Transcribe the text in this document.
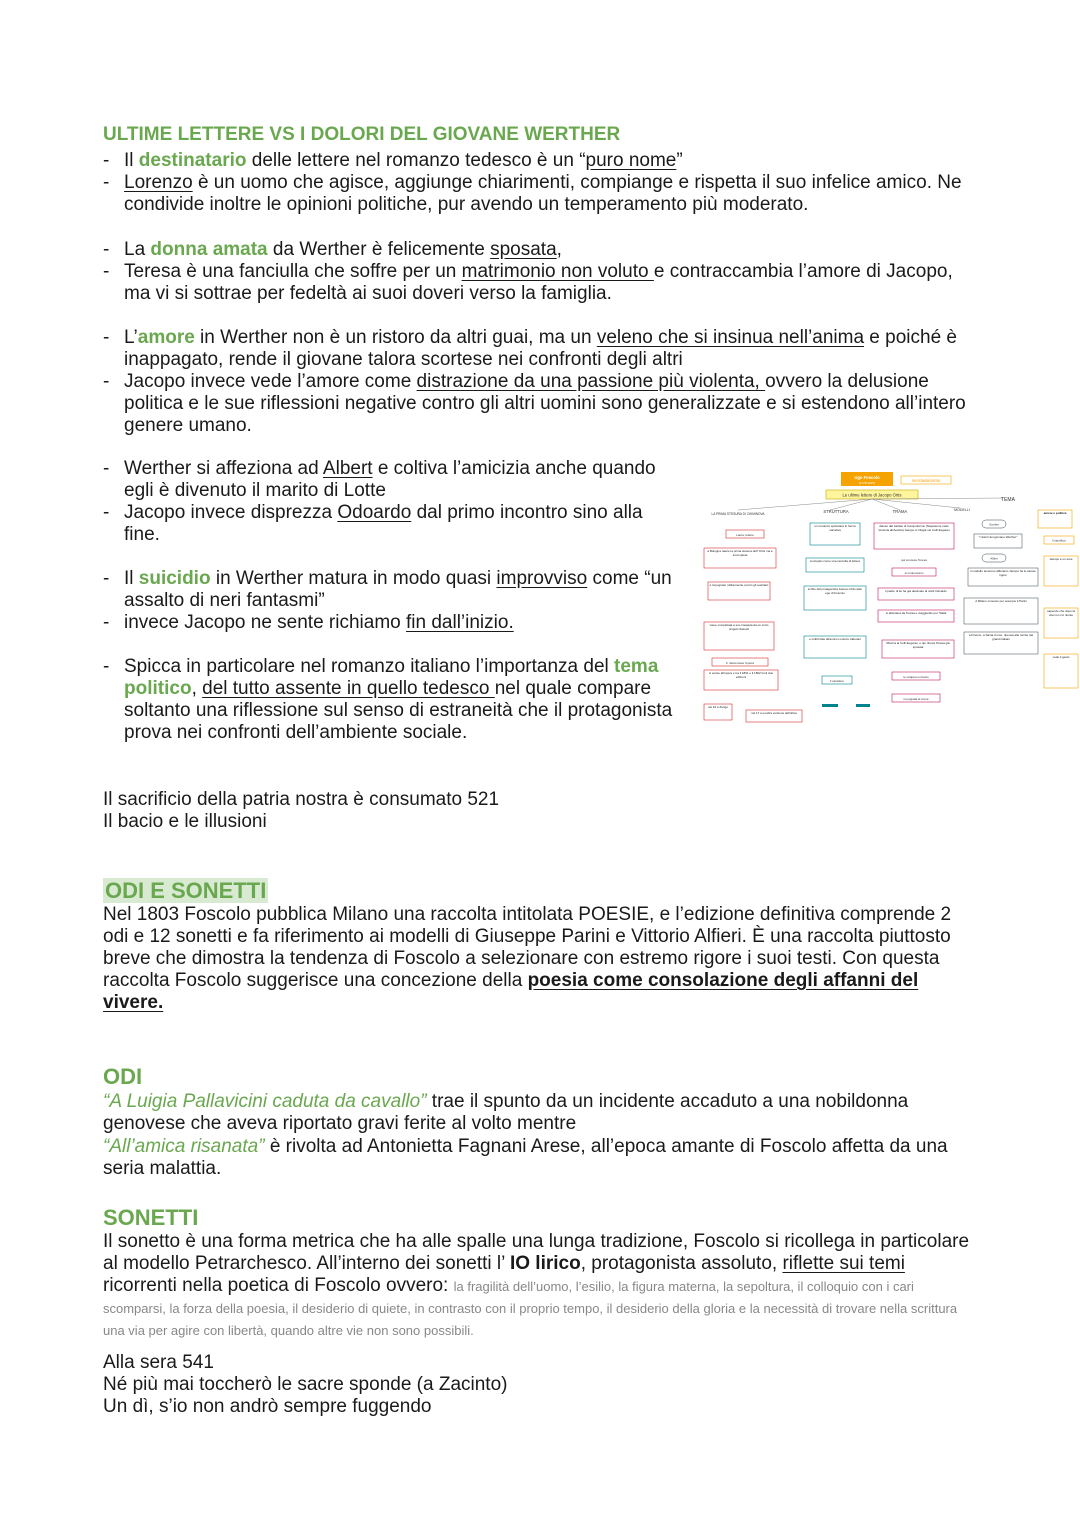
ULTIME LETTERE VS I DOLORI DEL GIOVANE WERTHER
- Il destinatario delle lettere nel romanzo tedesco è un “puro nome”
- Lorenzo è un uomo che agisce, aggiunge chiarimenti, compiange e rispetta il suo infelice amico. Ne condivide inoltre le opinioni politiche, pur avendo un temperamento più moderato.
- La donna amata da Werther è felicemente sposata,
- Teresa è una fanciulla che soffre per un matrimonio non voluto e contraccambia l’amore di Jacopo, ma vi si sottrae per fedeltà ai suoi doveri verso la famiglia.
- L’amore in Werther non è un ristoro da altri guai, ma un veleno che si insinua nell’anima e poiché è inappagato, rende il giovane talora scortese nei confronti degli altri
- Jacopo invece vede l’amore come distrazione da una passione più violenta, ovvero la delusione politica e le sue riflessioni negative contro gli altri uomini sono generalizzate e si estendono all’intero genere umano.
- Werther si affeziona ad Albert e coltiva l’amicizia anche quando egli è divenuto il marito di Lotte
- Jacopo invece disprezza Odoardo dal primo incontro sino alla fine.
- Il suicidio in Werther matura in modo quasi improvviso come “un assalto di neri fantasmi”
- invece Jacopo ne sente richiamo fin dall’inizio.
- Spicca in particolare nel romanzo italiano l’importanza del tema politico, del tutto assente in quello tedesco nel quale compare soltanto una riflessione sul senso di estraneità che il protagonista prova nei confronti dell’ambiente sociale.
Il sacrificio della patria nostra è consumato 521
Il bacio e le illusioni
Ugo Foscolo
(1778-1827)	neoclassicismo
Le ultime lettere di Jacopo Ortis
LA PRIMA STESURA DI CHIMINOVA	STRUTTURA	TRAMA	MODELLI
TEMA
Laura, lettere
a Bologna nasce la prima stesura dell' Ortis ma è incompleta
è impugnato militarmente contro gli austriaci
viene completata a suo insaputa da un certo Angelo Sassoli
F. disconosce l'opera
si emise all'opera e tra il 1801 e il 1802 fonti due edizioni
nel 16 a Zurigo
nel 17 a Londra versione definitiva
un romanzo epistolare in forma narrativa
concepito come una raccolta di lettere
scritte dal protagonista Jacopo Ortis alter ego di Foscolo
e indirizzate all'amico Lorenzo Alderani
il carattere
deluso dal trattato di Campoformio (Napoleone cede Venezia all'Austria) Jacopo si rifugia nei Colli Euganei
qui conosce Teresa
si innamorano
il padre di lei ha già destinato al nobil Odoardo
si allontana da Teresa e viaggiando per l'Italia
Ritorna ai Colli Euganei, e qui ritrova Teresa già sposata
le strappa un bacio
si pugnala al cuore
Goethe
"I dolori del giovane Werther"
Alfieri
il modello amoroso alfieriano Jacopo ha le stesse rigore
A Milano conosce per esempio il Parini
a Firenze, a Santa Croce, ripensa alle tombe dei grandi italiani
amore e politica
il sacrificio
Jacopo è un eroe
sapendo che dopo la vita non c'è niente
vede il gesto
ODI E SONETTI
Nel 1803 Foscolo pubblica Milano una raccolta intitolata POESIE, e l’edizione definitiva comprende 2 odi e 12 sonetti e fa riferimento ai modelli di Giuseppe Parini e Vittorio Alfieri. È una raccolta piuttosto breve che dimostra la tendenza di Foscolo a selezionare con estremo rigore i suoi testi. Con questa raccolta Foscolo suggerisce una concezione della poesia come consolazione degli affanni del vivere.
ODI
“A Luigia Pallavicini caduta da cavallo” trae il spunto da un incidente accaduto a una nobildonna genovese che aveva riportato gravi ferite al volto mentre
“All’amica risanata” è rivolta ad Antonietta Fagnani Arese, all’epoca amante di Foscolo affetta da una seria malattia.
SONETTI
Il sonetto è una forma metrica che ha alle spalle una lunga tradizione, Foscolo si ricollega in particolare al modello Petrarchesco. All’interno dei sonetti l’ IO lirico, protagonista assoluto, riflette sui temi ricorrenti nella poetica di Foscolo ovvero: la fragilità dell’uomo, l’esilio, la figura materna, la sepoltura, il colloquio con i cari scomparsi, la forza della poesia, il desiderio di quiete, in contrasto con il proprio tempo, il desiderio della gloria e la necessità di trovare nella scrittura una via per agire con libertà, quando altre vie non sono possibili.
Alla sera 541
Né più mai toccherò le sacre sponde (a Zacinto)
Un dì, s’io non andrò sempre fuggendo
